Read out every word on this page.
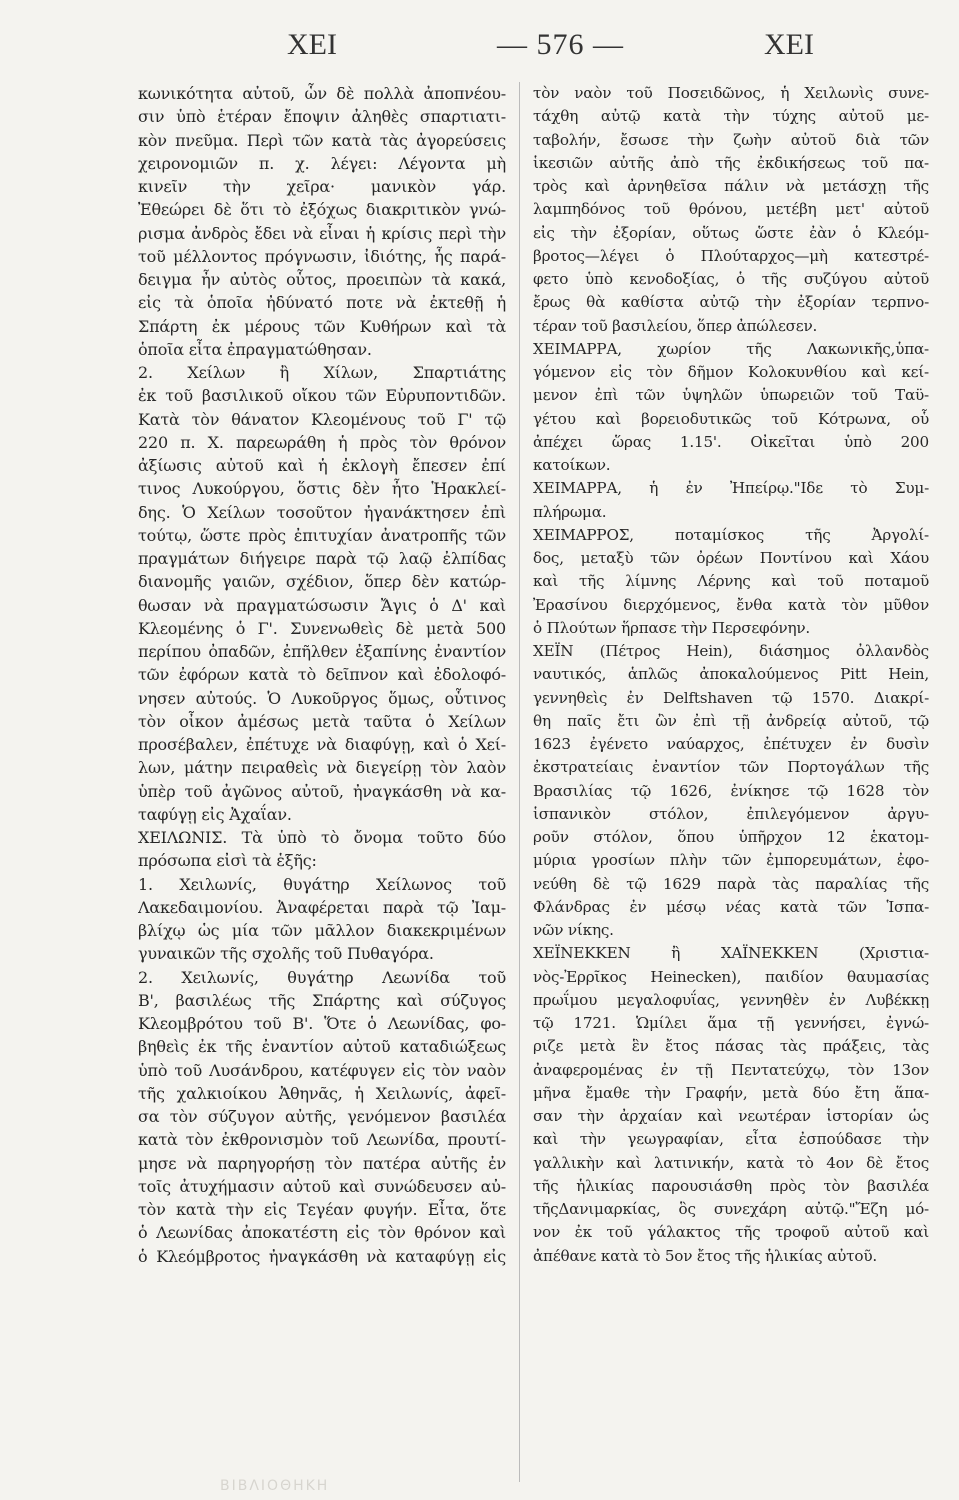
ΧΕΙ	— 576 —	ΧΕΙ
κωνικότητα αὐτοῦ, ὧν δὲ πολλὰ ἀποπνέου-
σιν ὑπὸ ἑτέραν ἔποψιν ἀληθὲς σπαρτιατι-
κὸν πνεῦμα. Περὶ τῶν κατὰ τὰς ἀγορεύσεις
χειρονομιῶν π. χ. λέγει: Λέγοντα μὴ
κινεῖν τὴν χεῖρα· μανικὸν γάρ.
Ἐθεώρει δὲ ὅτι τὸ ἐξόχως διακριτικὸν γνώ-
ρισμα ἀνδρὸς ἔδει νὰ εἶναι ἡ κρίσις περὶ τὴν
τοῦ μέλλοντος πρόγνωσιν, ἰδιότης, ἧς παρά-
δειγμα ἦν αὐτὸς οὗτος, προειπὼν τὰ κακά,
εἰς τὰ ὁποῖα ἠδύνατό ποτε νὰ ἐκτεθῇ ἡ
Σπάρτη ἐκ μέρους τῶν Κυθήρων καὶ τὰ
ὁποῖα εἶτα ἐπραγματώθησαν.
2. Χείλων ἢ Χίλων, Σπαρτιάτης
ἐκ τοῦ βασιλικοῦ οἴκου τῶν Εὐρυποντιδῶν.
Κατὰ τὸν θάνατον Κλεομένους τοῦ Γ' τῷ
220 π. Χ. παρεωράθη ἡ πρὸς τὸν θρόνον
ἀξίωσις αὐτοῦ καὶ ἡ ἐκλογὴ ἔπεσεν ἐπί
τινος Λυκούργου, ὅστις δὲν ἦτο Ἡρακλεί-
δης. Ὁ Χείλων τοσοῦτον ἠγανάκτησεν ἐπὶ
τούτῳ, ὥστε πρὸς ἐπιτυχίαν ἀνατροπῆς τῶν
πραγμάτων διήγειρε παρὰ τῷ λαῷ ἐλπίδας
διανομῆς γαιῶν, σχέδιον, ὅπερ δὲν κατώρ-
θωσαν νὰ πραγματώσωσιν Ἄγις ὁ Δ' καὶ
Κλεομένης ὁ Γ'. Συνενωθεὶς δὲ μετὰ 500
περίπου ὀπαδῶν, ἐπῆλθεν ἐξαπίνης ἐναντίον
τῶν ἐφόρων κατὰ τὸ δεῖπνον καὶ ἐδολοφό-
νησεν αὐτούς. Ὁ Λυκοῦργος ὅμως, οὗτινος
τὸν οἶκον ἀμέσως μετὰ ταῦτα ὁ Χείλων
προσέβαλεν, ἐπέτυχε νὰ διαφύγῃ, καὶ ὁ Χεί-
λων, μάτην πειραθεὶς νὰ διεγείρῃ τὸν λαὸν
ὑπὲρ τοῦ ἀγῶνος αὐτοῦ, ἠναγκάσθη νὰ κα-
ταφύγῃ εἰς Ἀχαΐαν.
ΧΕΙΛΩΝΙΣ. Τὰ ὑπὸ τὸ ὄνομα τοῦτο δύο
πρόσωπα εἰσὶ τὰ ἑξῆς:
1. Χειλωνίς, θυγάτηρ Χείλωνος τοῦ
Λακεδαιμονίου. Ἀναφέρεται παρὰ τῷ Ἰαμ-
βλίχῳ ὡς μία τῶν μᾶλλον διακεκριμένων
γυναικῶν τῆς σχολῆς τοῦ Πυθαγόρα.
2. Χειλωνίς, θυγάτηρ Λεωνίδα τοῦ
Β', βασιλέως τῆς Σπάρτης καὶ σύζυγος
Κλεομβρότου τοῦ Β'. Ὅτε ὁ Λεωνίδας, φο-
βηθεὶς ἐκ τῆς ἐναντίον αὐτοῦ καταδιώξεως
ὑπὸ τοῦ Λυσάνδρου, κατέφυγεν εἰς τὸν ναὸν
τῆς χαλκιοίκου Ἀθηνᾶς, ἡ Χειλωνίς, ἀφεῖ-
σα τὸν σύζυγον αὐτῆς, γενόμενον βασιλέα
κατὰ τὸν ἐκθρονισμὸν τοῦ Λεωνίδα, προυτί-
μησε νὰ παρηγορήσῃ τὸν πατέρα αὐτῆς ἐν
τοῖς ἀτυχήμασιν αὐτοῦ καὶ συνώδευσεν αὐ-
τὸν κατὰ τὴν εἰς Τεγέαν φυγήν. Εἶτα, ὅτε
ὁ Λεωνίδας ἀποκατέστη εἰς τὸν θρόνον καὶ
ὁ Κλεόμβροτος ἠναγκάσθη νὰ καταφύγῃ εἰς
τὸν ναὸν τοῦ Ποσειδῶνος, ἡ Χειλωνὶς συνε-
τάχθη αὐτῷ κατὰ τὴν τύχης αὐτοῦ με-
ταβολήν, ἔσωσε τὴν ζωὴν αὐτοῦ διὰ τῶν
ἱκεσιῶν αὐτῆς ἀπὸ τῆς ἐκδικήσεως τοῦ πα-
τρὸς καὶ ἀρνηθεῖσα πάλιν νὰ μετάσχῃ τῆς
λαμπηδόνος τοῦ θρόνου, μετέβη μετ' αὐτοῦ
εἰς τὴν ἐξορίαν, οὕτως ὥστε ἐὰν ὁ Κλεόμ-
βροτος—λέγει ὁ Πλούταρχος—μὴ κατεστρέ-
φετο ὑπὸ κενοδοξίας, ὁ τῆς συζύγου αὐτοῦ
ἔρως θὰ καθίστα αὐτῷ τὴν ἐξορίαν τερπνο-
τέραν τοῦ βασιλείου, ὅπερ ἀπώλεσεν.
ΧΕΙΜΑΡΡΑ, χωρίον τῆς Λακωνικῆς,ὑπα-
γόμενον εἰς τὸν δῆμον Κολοκυνθίου καὶ κεί-
μενον ἐπὶ τῶν ὑψηλῶν ὑπωρειῶν τοῦ Ταϋ-
γέτου καὶ βορειοδυτικῶς τοῦ Κότρωνα, οὗ
ἀπέχει ὥρας 1.15'. Οἰκεῖται ὑπὸ 200
κατοίκων.
ΧΕΙΜΑΡΡΑ, ἡ ἐν Ἠπείρῳ."Ιδε τὸ Συμ-
πλήρωμα.
ΧΕΙΜΑΡΡΟΣ, ποταμίσκος τῆς Ἀργολί-
δος, μεταξὺ τῶν ὀρέων Ποντίνου καὶ Χάου
καὶ τῆς λίμνης Λέρνης καὶ τοῦ ποταμοῦ
Ἐρασίνου διερχόμενος, ἔνθα κατὰ τὸν μῦθον
ὁ Πλούτων ἥρπασε τὴν Περσεφόνην.
ΧΕΪΝ (Πέτρος Hein), διάσημος ὀλλανδὸς
ναυτικός, ἁπλῶς ἀποκαλούμενος Pitt Hein,
γεννηθεὶς ἐν Delftshaven τῷ 1570. Διακρί-
θη παῖς ἔτι ὢν ἐπὶ τῇ ἀνδρείᾳ αὐτοῦ, τῷ
1623 ἐγένετο ναύαρχος, ἐπέτυχεν ἐν δυσὶν
ἐκστρατείαις ἐναντίον τῶν Πορτογάλων τῆς
Βρασιλίας τῷ 1626, ἐνίκησε τῷ 1628 τὸν
ἱσπανικὸν στόλον, ἐπιλεγόμενον ἀργυ-
ροῦν στόλον, ὅπου ὑπῆρχον 12 ἑκατομ-
μύρια γροσίων πλὴν τῶν ἐμπορευμάτων, ἐφο-
νεύθη δὲ τῷ 1629 παρὰ τὰς παραλίας τῆς
Φλάνδρας ἐν μέσῳ νέας κατὰ τῶν Ἱσπα-
νῶν νίκης.
ΧΕΪΝΕΚΚΕΝ ἢ ΧΑΪΝΕΚΚΕΝ (Χριστια-
νὸς-Ἐρρῖκος Heinecken), παιδίον θαυμασίας
πρωΐμου μεγαλοφυΐας, γεννηθὲν ἐν Λυβέκκῃ
τῷ 1721. Ὡμίλει ἅμα τῇ γεννήσει, ἐγνώ-
ριζε μετὰ ἓν ἔτος πάσας τὰς πράξεις, τὰς
ἀναφερομένας ἐν τῇ Πεντατεύχῳ, τὸν 13ον
μῆνα ἔμαθε τὴν Γραφήν, μετὰ δύο ἔτη ἅπα-
σαν τὴν ἀρχαίαν καὶ νεωτέραν ἱστορίαν ὡς
καὶ τὴν γεωγραφίαν, εἶτα ἐσπούδασε τὴν
γαλλικὴν καὶ λατινικήν, κατὰ τὸ 4ον δὲ ἔτος
τῆς ἡλικίας παρουσιάσθη πρὸς τὸν βασιλέα
τῆςΔανιμαρκίας, ὃς συνεχάρη αὐτῷ."Ἔζη μό-
νον ἐκ τοῦ γάλακτος τῆς τροφοῦ αὐτοῦ καὶ
ἀπέθανε κατὰ τὸ 5ον ἔτος τῆς ἡλικίας αὐτοῦ.
ΒΙΒΛΙΟΘΗΚΗ
